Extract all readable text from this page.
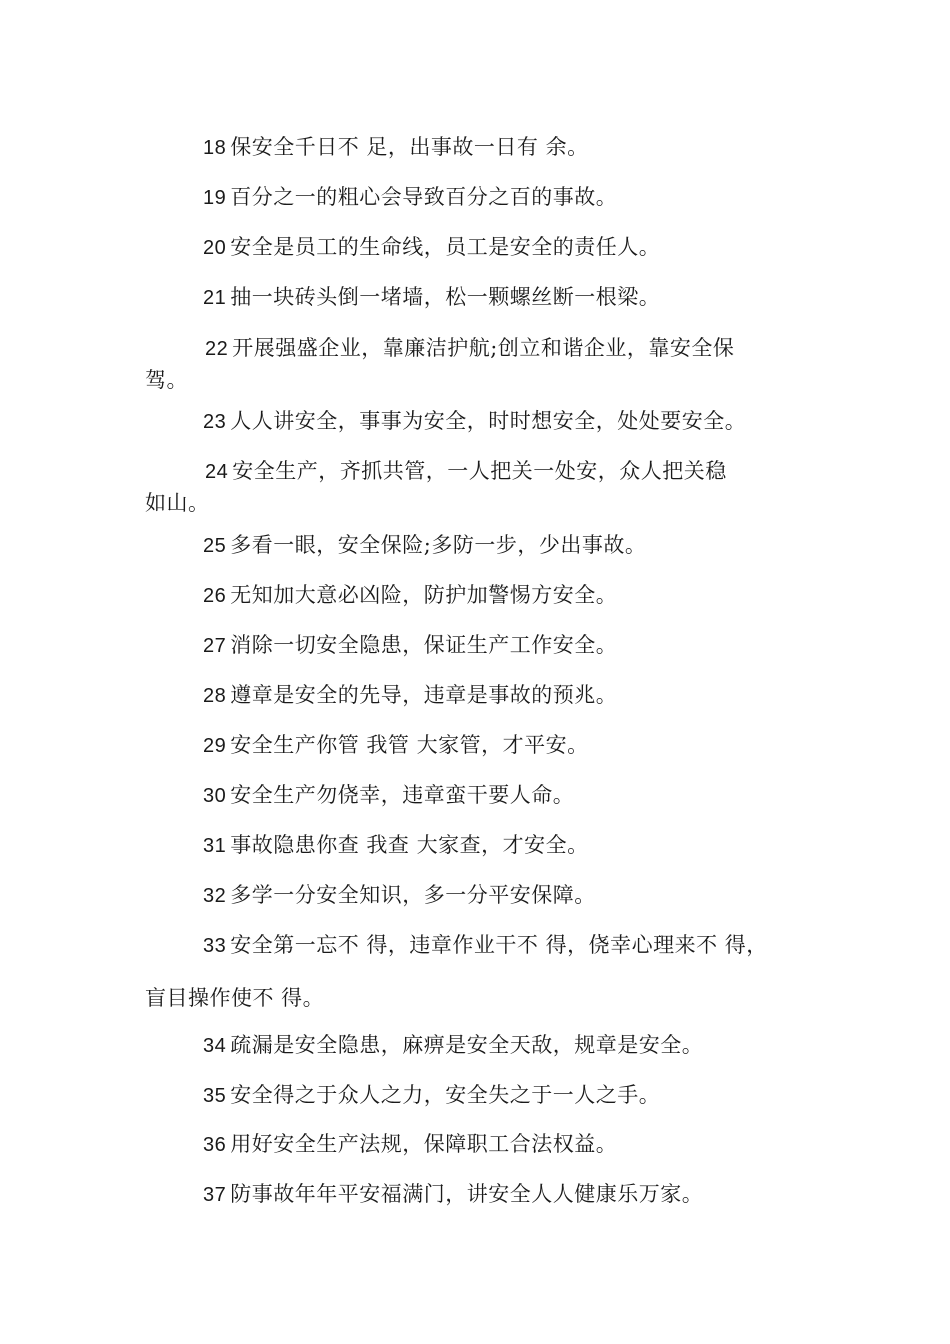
18 保安全千日不 足，出事故一日有 余。

19 百分之一的粗心会导致百分之百的事故。

20 安全是员工的生命线，员工是安全的责任人。

21 抽一块砖头倒一堵墙，松一颗螺丝断一根梁。

22 开展强盛企业，靠廉洁护航;创立和谐企业，靠安全保
驾。

23 人人讲安全，事事为安全，时时想安全，处处要安全。

24 安全生产，齐抓共管，一人把关一处安，众人把关稳
如山。

25 多看一眼，安全保险;多防一步，少出事故。

26 无知加大意必凶险，防护加警惕方安全。

27 消除一切安全隐患，保证生产工作安全。

28 遵章是安全的先导，违章是事故的预兆。

29 安全生产你管 我管 大家管，才平安。

30 安全生产勿侥幸，违章蛮干要人命。

31 事故隐患你查 我查 大家查，才安全。

32 多学一分安全知识，多一分平安保障。

33 安全第一忘不 得，违章作业干不 得，侥幸心理来不 得，
盲目操作使不 得。

34 疏漏是安全隐患，麻痹是安全天敌，规章是安全。

35 安全得之于众人之力，安全失之于一人之手。

36 用好安全生产法规，保障职工合法权益。

37 防事故年年平安福满门，讲安全人人健康乐万家。
